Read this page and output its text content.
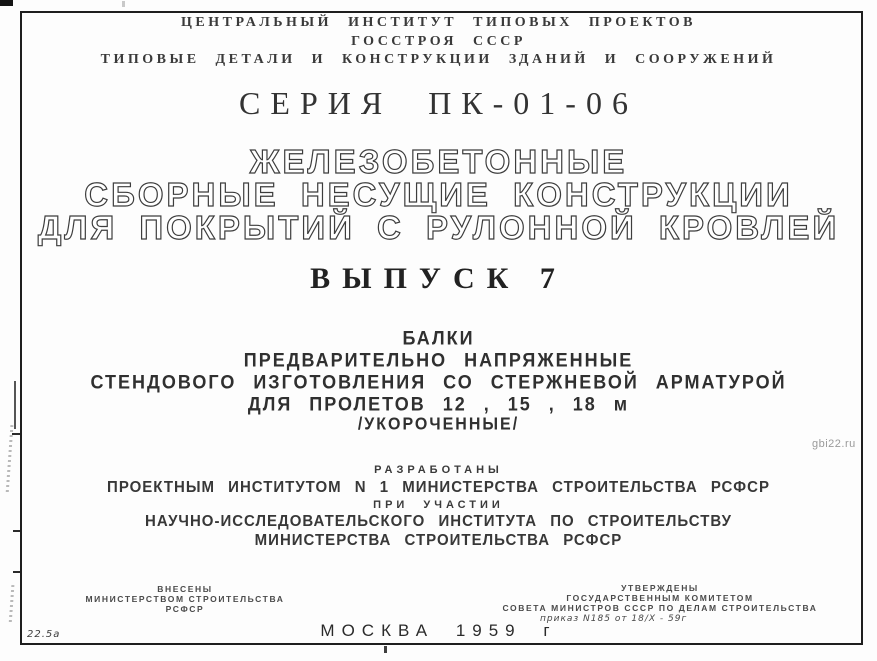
ЦЕНТРАЛЬНЫЙ ИНСТИТУТ ТИПОВЫХ ПРОЕКТОВ
ГОССТРОЯ СССР
ТИПОВЫЕ ДЕТАЛИ И КОНСТРУКЦИИ ЗДАНИЙ И СООРУЖЕНИЙ
СЕРИЯ ПК-01-06
ЖЕЛЕЗОБЕТОННЫЕ
СБОРНЫЕ НЕСУЩИЕ КОНСТРУКЦИИ
ДЛЯ ПОКРЫТИЙ С РУЛОННОЙ КРОВЛЕЙ
ВЫПУСК 7
БАЛКИ
ПРЕДВАРИТЕЛЬНО НАПРЯЖЕННЫЕ
СТЕНДОВОГО ИЗГОТОВЛЕНИЯ СО СТЕРЖНЕВОЙ АРМАТУРОЙ
ДЛЯ ПРОЛЕТОВ 12 , 15 , 18 м
/УКОРОЧЕННЫЕ/
РАЗРАБОТАНЫ
ПРОЕКТНЫМ ИНСТИТУТОМ N 1 МИНИСТЕРСТВА СТРОИТЕЛЬСТВА РСФСР
ПРИ УЧАСТИИ
НАУЧНО-ИССЛЕДОВАТЕЛЬСКОГО ИНСТИТУТА ПО СТРОИТЕЛЬСТВУ
МИНИСТЕРСТВА СТРОИТЕЛЬСТВА РСФСР
ВНЕСЕНЫ
МИНИСТЕРСТВОМ СТРОИТЕЛЬСТВА
РСФСР
УТВЕРЖДЕНЫ
ГОСУДАРСТВЕННЫМ КОМИТЕТОМ
СОВЕТА МИНИСТРОВ СССР ПО ДЕЛАМ СТРОИТЕЛЬСТВА
приказ N185 от 18/Х - 59г
МОСКВА 1959 г
22.5а
gbi22.ru
